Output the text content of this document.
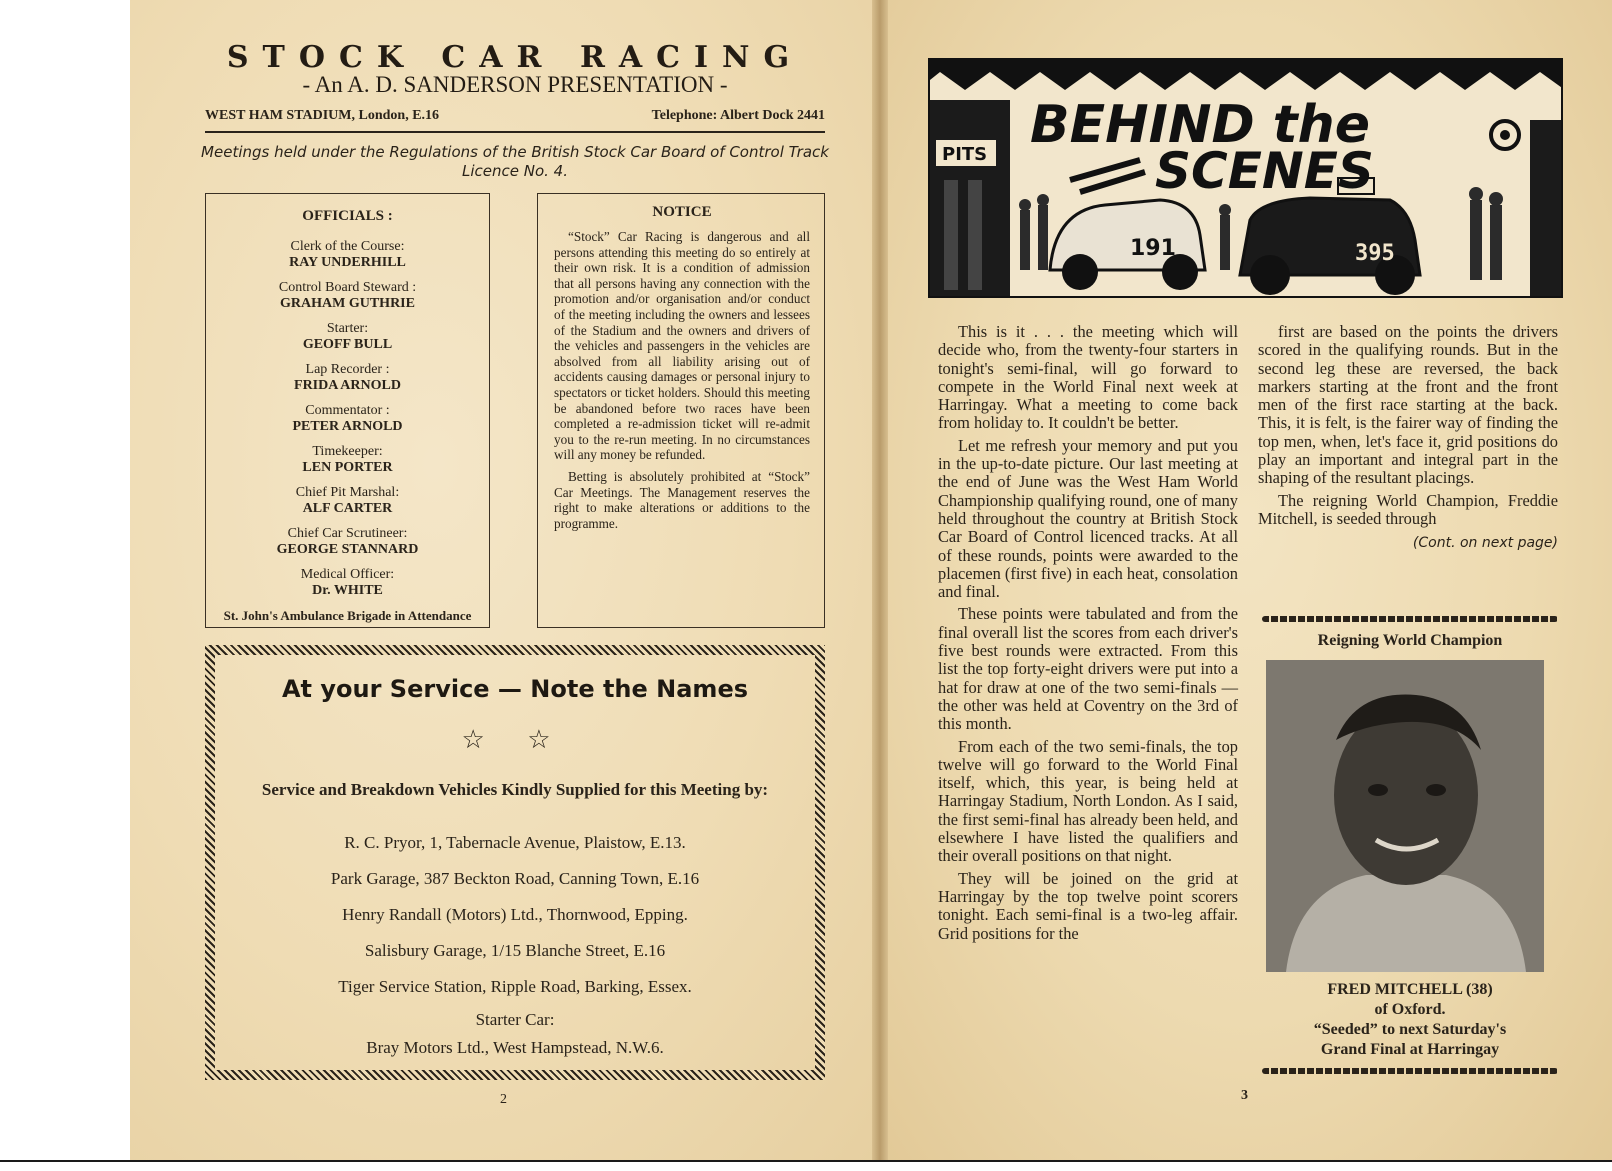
STOCK CAR RACING
- An A. D. SANDERSON PRESENTATION -
WEST HAM STADIUM, London, E.16	Telephone: Albert Dock 2441
Meetings held under the Regulations of the British Stock Car Board of Control Track Licence No. 4.
OFFICIALS :
Clerk of the Course:
RAY UNDERHILL
Control Board Steward :
GRAHAM GUTHRIE
Starter:
GEOFF BULL
Lap Recorder :
FRIDA ARNOLD
Commentator :
PETER ARNOLD
Timekeeper:
LEN PORTER
Chief Pit Marshal:
ALF CARTER
Chief Car Scrutineer:
GEORGE STANNARD
Medical Officer:
Dr. WHITE
St. John's Ambulance Brigade in Attendance
NOTICE

“Stock” Car Racing is dangerous and all persons attending this meeting do so entirely at their own risk. It is a condition of admission that all persons having any connection with the promotion and/or organisation and/or conduct of the meeting including the owners and lessees of the Stadium and the owners and drivers of the vehicles and passengers in the vehicles are absolved from all liability arising out of accidents causing damages or personal injury to spectators or ticket holders. Should this meeting be abandoned before two races have been completed a re-admission ticket will re-admit you to the re-run meeting. In no circumstances will any money be refunded.

Betting is absolutely prohibited at “Stock” Car Meetings. The Management reserves the right to make alterations or additions to the programme.

At your Service — Note the Names
☆ ☆
Service and Breakdown Vehicles Kindly Supplied for this Meeting by:
R. C. Pryor, 1, Tabernacle Avenue, Plaistow, E.13.
Park Garage, 387 Beckton Road, Canning Town, E.16
Henry Randall (Motors) Ltd., Thornwood, Epping.
Salisbury Garage, 1/15 Blanche Street, E.16
Tiger Service Station, Ripple Road, Barking, Essex.
Starter Car:
Bray Motors Ltd., West Hampstead, N.W.6.
2
PITS
191	395
BEHIND the
SCENES

This is it . . . the meeting which will decide who, from the twenty-four starters in tonight's semi-final, will go forward to compete in the World Final next week at Harringay. What a meeting to come back from holiday to. It couldn't be better.

Let me refresh your memory and put you in the up-to-date picture. Our last meeting at the end of June was the West Ham World Championship qualifying round, one of many held throughout the country at British Stock Car Board of Control licenced tracks. At all of these rounds, points were awarded to the placemen (first five) in each heat, consolation and final.

These points were tabulated and from the final overall list the scores from each driver's five best rounds were extracted. From this list the top forty-eight drivers were put into a hat for draw at one of the two semi-finals — the other was held at Coventry on the 3rd of this month.

From each of the two semi-finals, the top twelve will go forward to the World Final itself, which, this year, is being held at Harringay Stadium, North London. As I said, the first semi-final has already been held, and elsewhere I have listed the qualifiers and their overall positions on that night.

They will be joined on the grid at Harringay by the top twelve point scorers tonight. Each semi-final is a two-leg affair. Grid positions for the

first are based on the points the drivers scored in the qualifying rounds. But in the second leg these are reversed, the back markers starting at the front and the front men of the first race starting at the back. This, it is felt, is the fairer way of finding the top men, when, let's face it, grid positions do play an important and integral part in the shaping of the resultant placings.

The reigning World Champion, Freddie Mitchell, is seeded through

(Cont. on next page)
Reigning World Champion
FRED MITCHELL (38)
of Oxford.
“Seeded” to next Saturday's
Grand Final at Harringay
3
